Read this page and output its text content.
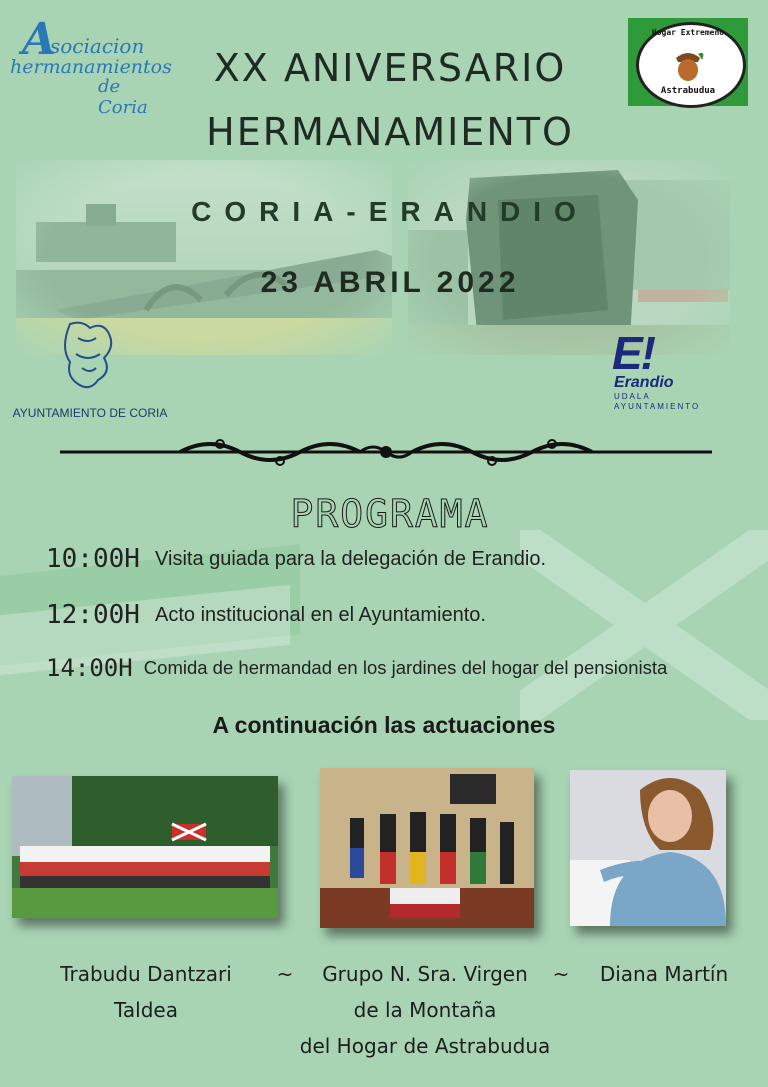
A
sociacion
hermanamientos
de Coria
XX ANIVERSARIO
HERMANAMIENTO
Hogar Extremeño
Astrabudua
CORIA-ERANDIO
23 ABRIL 2022
AYUNTAMIENTO DE CORIA
E!
Erandio
UDALA
AYUNTAMIENTO
PROGRAMA
10:00H Visita guiada para la delegación de Erandio.
12:00H Acto institucional en el Ayuntamiento.
14:00H Comida de hermandad en los jardines del hogar del pensionista
A continuación las actuaciones
Trabudu Dantzari
Taldea
~	Grupo N. Sra. Virgen
de la Montaña
del Hogar de Astrabudua
~	Diana Martín
